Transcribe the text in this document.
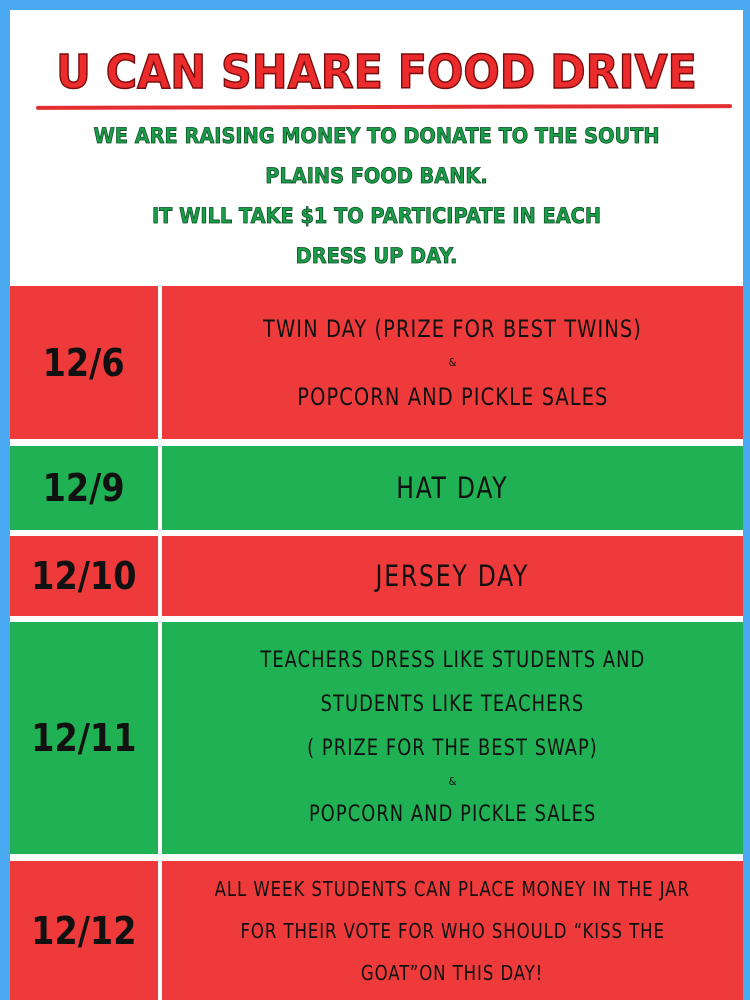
U CAN SHARE FOOD DRIVE
WE ARE RAISING MONEY TO DONATE TO THE SOUTH
PLAINS FOOD BANK.
IT WILL TAKE $1 TO PARTICIPATE IN EACH
DRESS UP DAY.
12/6
TWIN DAY (PRIZE FOR BEST TWINS)
&
POPCORN AND PICKLE SALES
12/9	HAT DAY
12/10	JERSEY DAY
12/11
TEACHERS DRESS LIKE STUDENTS AND
STUDENTS LIKE TEACHERS
( PRIZE FOR THE BEST SWAP)
&
POPCORN AND PICKLE SALES
12/12
ALL WEEK STUDENTS CAN PLACE MONEY IN THE JAR
FOR THEIR VOTE FOR WHO SHOULD “KISS THE
GOAT”ON THIS DAY!
